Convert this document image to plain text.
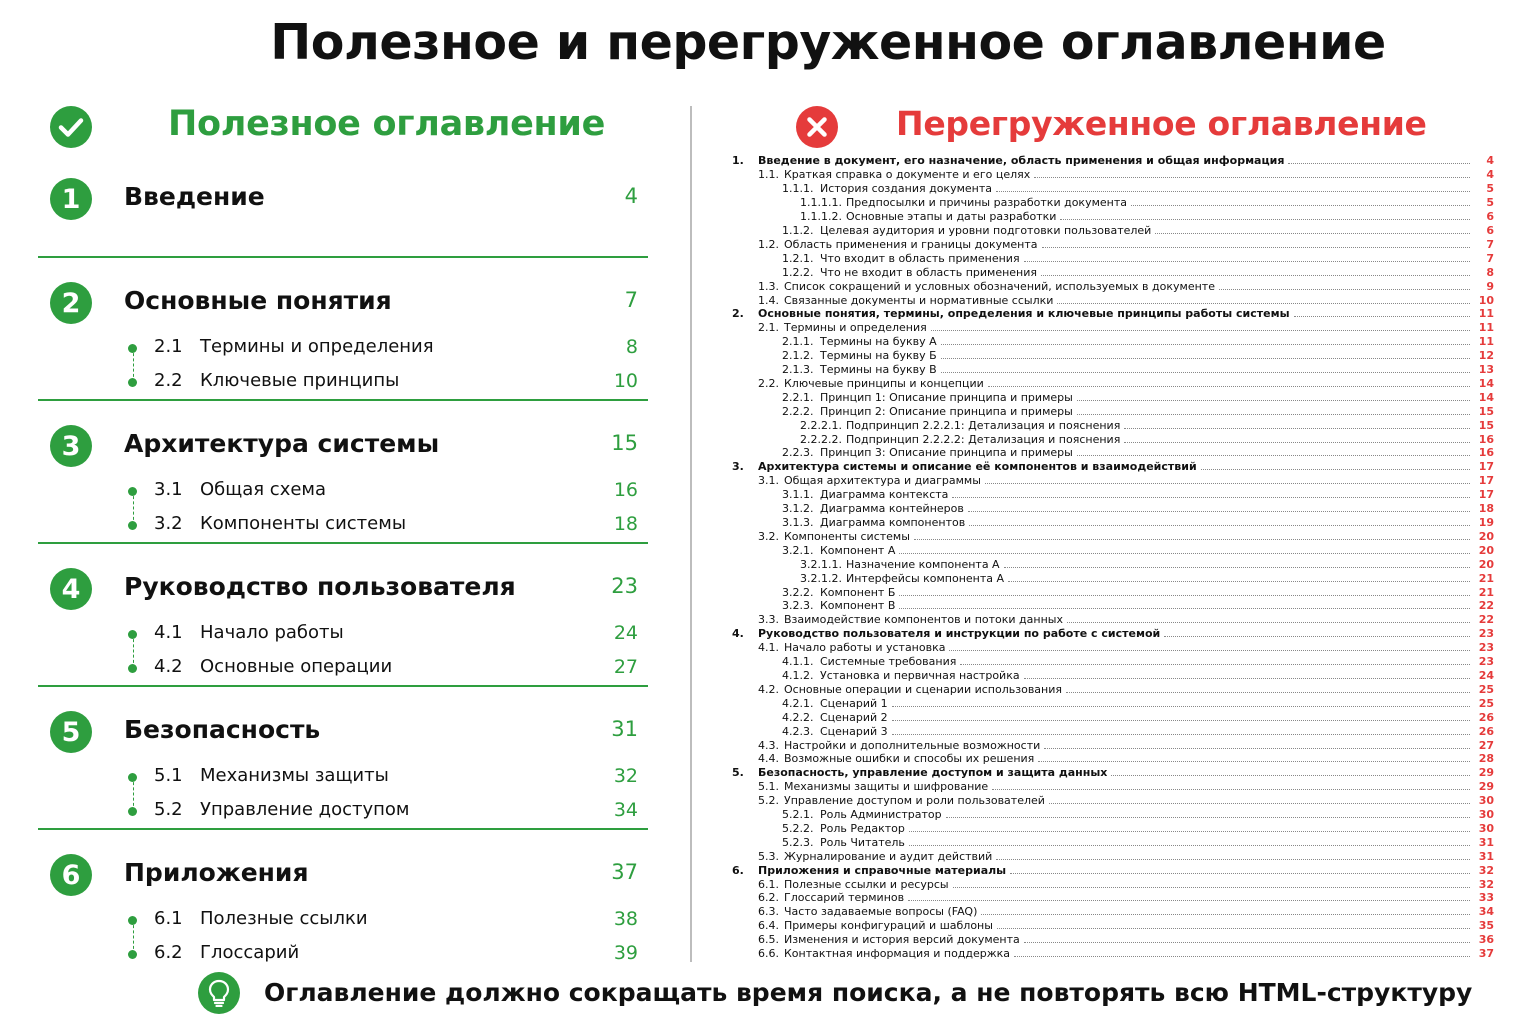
Полезное и перегруженное оглавление
Полезное оглавление
1	Введение	4
2	Основные понятия	7
2.1 Термины и определения	8
2.2 Ключевые принципы	10
3	Архитектура системы	15
3.1 Общая схема	16
3.2 Компоненты системы	18
4	Руководство пользователя	23
4.1 Начало работы	24
4.2 Основные операции	27
5	Безопасность	31
5.1 Механизмы защиты	32
5.2 Управление доступом	34
6	Приложения	37
6.1 Полезные ссылки	38
6.2 Глоссарий	39
Перегруженное оглавление
1.	Введение в документ, его назначение, область применения и общая информация	4
1.1. Краткая справка о документе и его целях	4
1.1.1. История создания документа	5
1.1.1.1. Предпосылки и причины разработки документа	5
1.1.1.2. Основные этапы и даты разработки	6
1.1.2. Целевая аудитория и уровни подготовки пользователей	6
1.2. Область применения и границы документа	7
1.2.1. Что входит в область применения	7
1.2.2. Что не входит в область применения	8
1.3. Список сокращений и условных обозначений, используемых в документе	9
1.4. Связанные документы и нормативные ссылки	10
2.	Основные понятия, термины, определения и ключевые принципы работы системы	11
2.1. Термины и определения	11
2.1.1. Термины на букву А	11
2.1.2. Термины на букву Б	12
2.1.3. Термины на букву В	13
2.2. Ключевые принципы и концепции	14
2.2.1. Принцип 1: Описание принципа и примеры	14
2.2.2. Принцип 2: Описание принципа и примеры	15
2.2.2.1. Подпринцип 2.2.2.1: Детализация и пояснения	15
2.2.2.2. Подпринцип 2.2.2.2: Детализация и пояснения	16
2.2.3. Принцип 3: Описание принципа и примеры	16
3.	Архитектура системы и описание её компонентов и взаимодействий	17
3.1. Общая архитектура и диаграммы	17
3.1.1. Диаграмма контекста	17
3.1.2. Диаграмма контейнеров	18
3.1.3. Диаграмма компонентов	19
3.2. Компоненты системы	20
3.2.1. Компонент А	20
3.2.1.1. Назначение компонента А	20
3.2.1.2. Интерфейсы компонента А	21
3.2.2. Компонент Б	21
3.2.3. Компонент В	22
3.3. Взаимодействие компонентов и потоки данных	22
4.	Руководство пользователя и инструкции по работе с системой	23
4.1. Начало работы и установка	23
4.1.1. Системные требования	23
4.1.2. Установка и первичная настройка	24
4.2. Основные операции и сценарии использования	25
4.2.1. Сценарий 1	25
4.2.2. Сценарий 2	26
4.2.3. Сценарий 3	26
4.3. Настройки и дополнительные возможности	27
4.4. Возможные ошибки и способы их решения	28
5.	Безопасность, управление доступом и защита данных	29
5.1. Механизмы защиты и шифрование	29
5.2. Управление доступом и роли пользователей	30
5.2.1. Роль Администратор	30
5.2.2. Роль Редактор	30
5.2.3. Роль Читатель	31
5.3. Журналирование и аудит действий	31
6.	Приложения и справочные материалы	32
6.1. Полезные ссылки и ресурсы	32
6.2. Глоссарий терминов	33
6.3. Часто задаваемые вопросы (FAQ)	34
6.4. Примеры конфигураций и шаблоны	35
6.5. Изменения и история версий документа	36
6.6. Контактная информация и поддержка	37
Оглавление должно сокращать время поиска, а не повторять всю HTML-структуру
